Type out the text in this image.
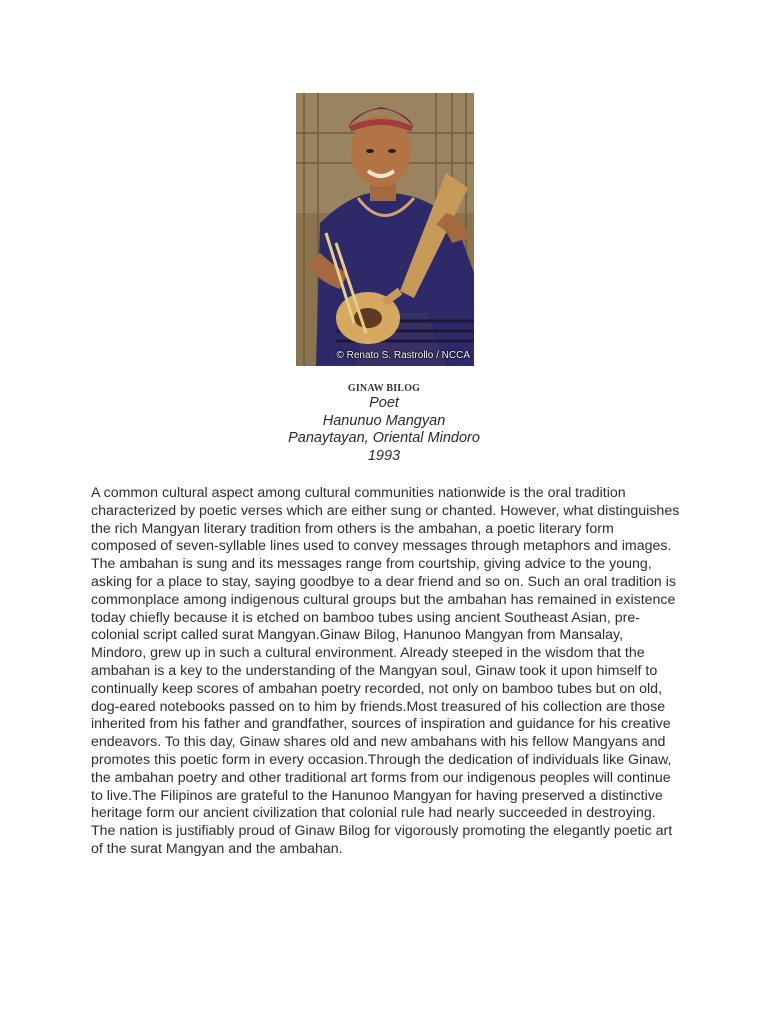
© Renato S. Rastrollo / NCCA
GINAW BILOG
Poet
Hanunuo Mangyan
Panaytayan, Oriental Mindoro
1993

A common cultural aspect among cultural communities nationwide is the oral tradition characterized by poetic verses which are either sung or chanted. However, what distinguishes the rich Mangyan literary tradition from others is the ambahan, a poetic literary form composed of seven-syllable lines used to convey messages through metaphors and images. The ambahan is sung and its messages range from courtship, giving advice to the young, asking for a place to stay, saying goodbye to a dear friend and so on. Such an oral tradition is commonplace among indigenous cultural groups but the ambahan has remained in existence today chiefly because it is etched on bamboo tubes using ancient Southeast Asian, pre-colonial script called surat Mangyan.Ginaw Bilog, Hanunoo Mangyan from Mansalay, Mindoro, grew up in such a cultural environment. Already steeped in the wisdom that the ambahan is a key to the understanding of the Mangyan soul, Ginaw took it upon himself to continually keep scores of ambahan poetry recorded, not only on bamboo tubes but on old, dog-eared notebooks passed on to him by friends.Most treasured of his collection are those inherited from his father and grandfather, sources of inspiration and guidance for his creative endeavors. To this day, Ginaw shares old and new ambahans with his fellow Mangyans and promotes this poetic form in every occasion.Through the dedication of individuals like Ginaw, the ambahan poetry and other traditional art forms from our indigenous peoples will continue to live.The Filipinos are grateful to the Hanunoo Mangyan for having preserved a distinctive heritage form our ancient civilization that colonial rule had nearly succeeded in destroying. The nation is justifiably proud of Ginaw Bilog for vigorously promoting the elegantly poetic art of the surat Mangyan and the ambahan.
